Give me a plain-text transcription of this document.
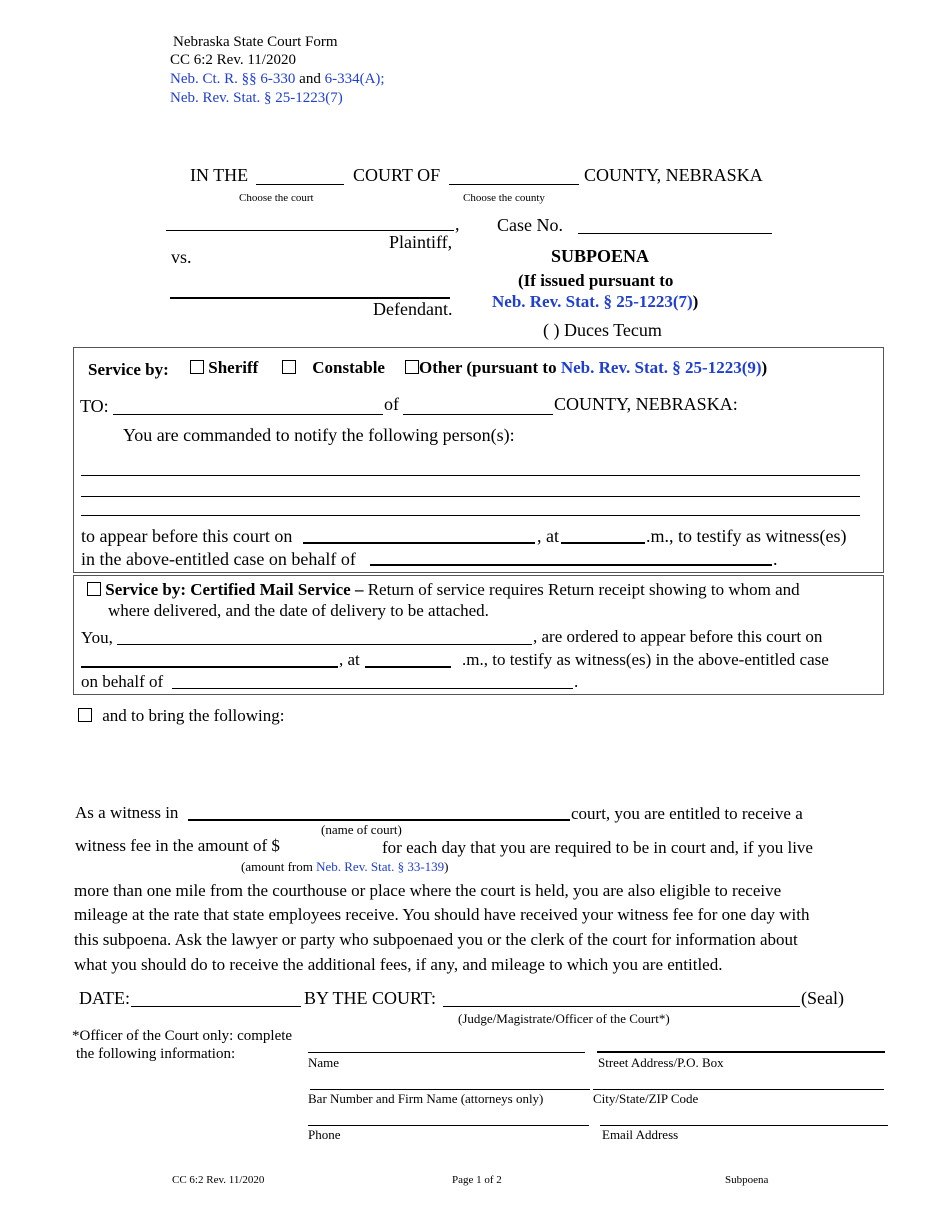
Nebraska State Court Form
CC 6:2 Rev. 11/2020
Neb. Ct. R. §§ 6-330 and 6-334(A);
Neb. Rev. Stat. § 25-1223(7)
IN THE	COURT OF	COUNTY, NEBRASKA
Choose the court	Choose the county
,
Plaintiff,
Case No.
vs.
Defendant.
SUBPOENA
(If issued pursuant to
Neb. Rev. Stat. § 25-1223(7))
( ) Duces Tecum
Service by:	Sheriff	Constable	Other (pursuant to Neb. Rev. Stat. § 25-1223(9))
TO:	of	COUNTY, NEBRASKA:
You are commanded to notify the following person(s):
to appear before this court on	, at	.m., to testify as witness(es)
in the above-entitled case on behalf of	.
Service by: Certified Mail Service – Return of service requires Return receipt showing to whom and
where delivered, and the date of delivery to be attached.
You,	, are ordered to appear before this court on
, at	.m., to testify as witness(es) in the above-entitled case
on behalf of	.
and to bring the following:
As a witness in	court, you are entitled to receive a
(name of court)
witness fee in the amount of $	for each day that you are required to be in court and, if you live
(amount from Neb. Rev. Stat. § 33-139)
more than one mile from the courthouse or place where the court is held, you are also eligible to receive
mileage at the rate that state employees receive. You should have received your witness fee for one day with
this subpoena. Ask the lawyer or party who subpoenaed you or the clerk of the court for information about
what you should do to receive the additional fees, if any, and mileage to which you are entitled.
DATE:	BY THE COURT:	(Seal)
(Judge/Magistrate/Officer of the Court*)
*Officer of the Court only: complete
the following information:
Name	Street Address/P.O. Box
Bar Number and Firm Name (attorneys only)	City/State/ZIP Code
Phone	Email Address
CC 6:2 Rev. 11/2020	Page 1 of 2	Subpoena
